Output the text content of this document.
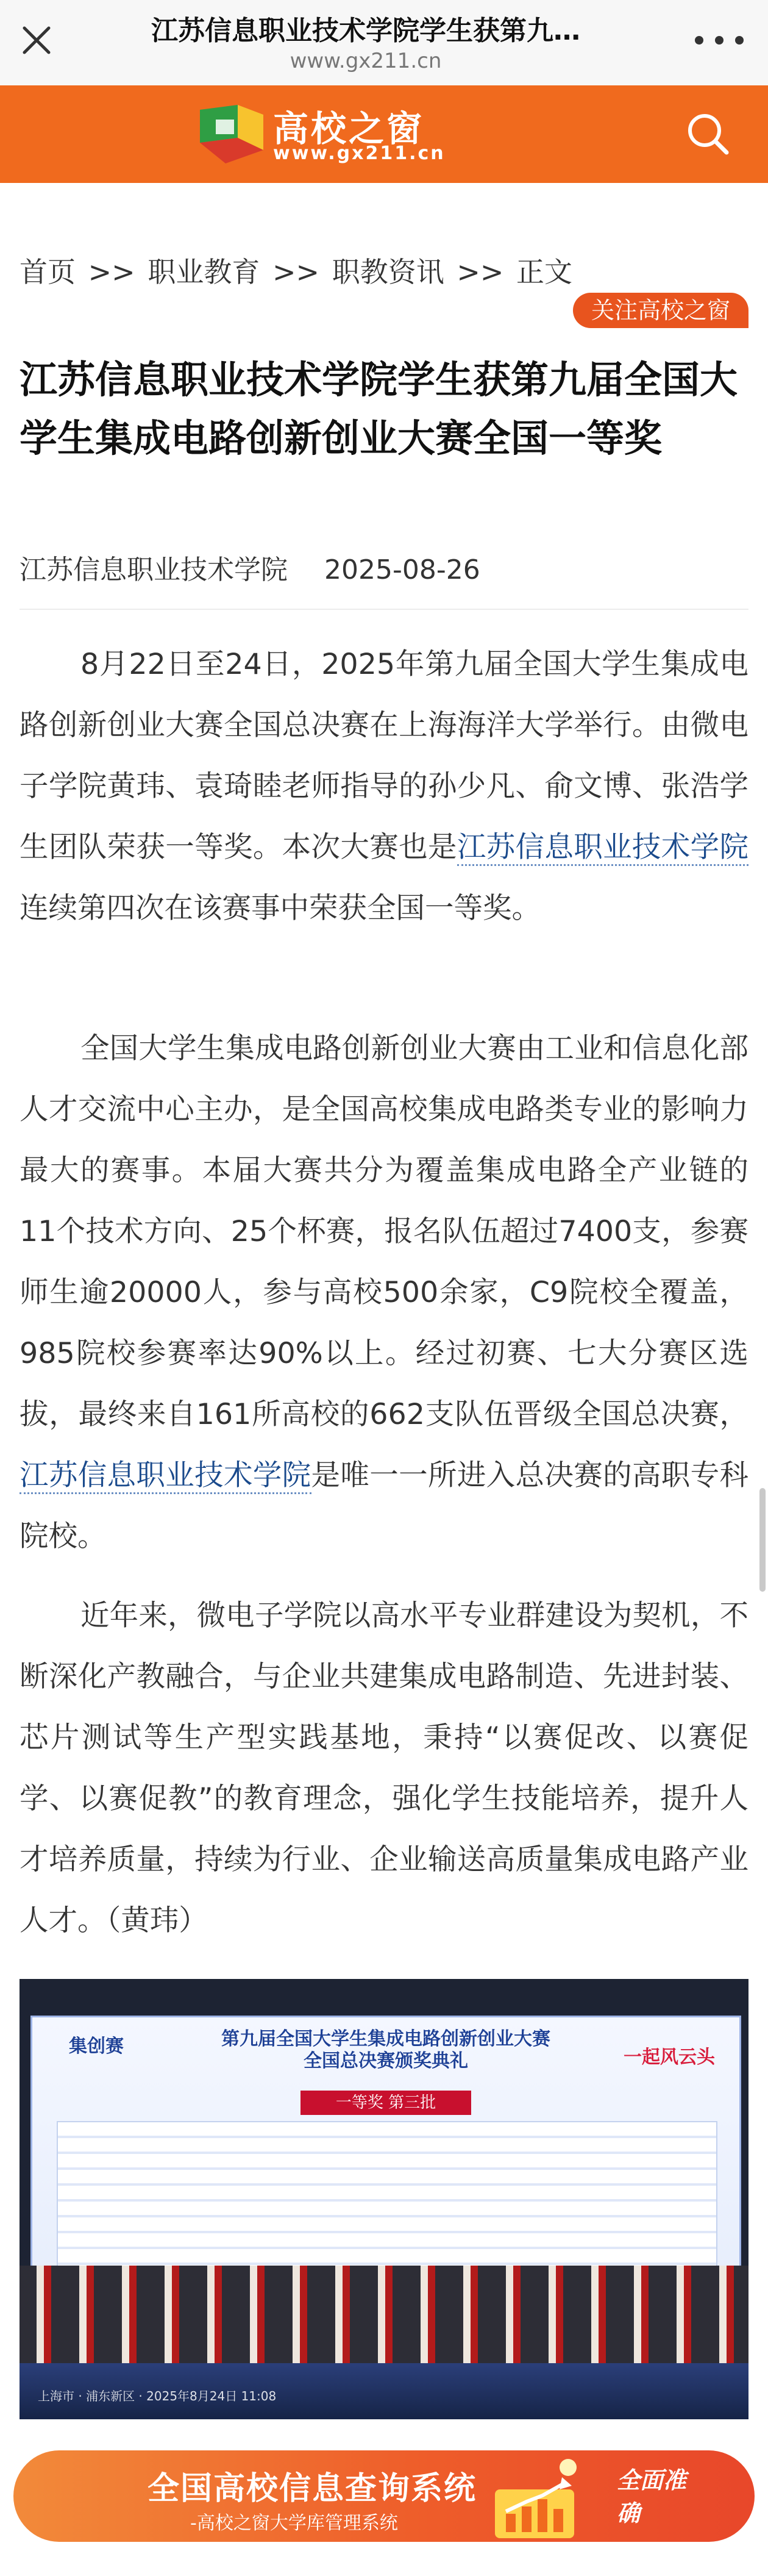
江苏信息职业技术学院学生获第九…
www.gx211.cn
高校之窗
www.gx211.cn
首页 >> 职业教育 >> 职教资讯 >> 正文
关注高校之窗
江苏信息职业技术学院学生获第九届全国大学生集成电路创新创业大赛全国一等奖
江苏信息职业技术学院 2025-08-26
8月22日至24日，2025年第九届全国大学生集成电路创新创业大赛全国总决赛在上海海洋大学举行。由微电子学院黄玮、袁琦睦老师指导的孙少凡、俞文博、张浩学生团队荣获一等奖。本次大赛也是江苏信息职业技术学院连续第四次在该赛事中荣获全国一等奖。
全国大学生集成电路创新创业大赛由工业和信息化部人才交流中心主办，是全国高校集成电路类专业的影响力最大的赛事。本届大赛共分为覆盖集成电路全产业链的11个技术方向、25个杯赛，报名队伍超过7400支，参赛师生逾20000人，参与高校500余家，C9院校全覆盖，985院校参赛率达90%以上。经过初赛、七大分赛区选拔，最终来自161所高校的662支队伍晋级全国总决赛，江苏信息职业技术学院是唯一一所进入总决赛的高职专科院校。
近年来，微电子学院以高水平专业群建设为契机，不断深化产教融合，与企业共建集成电路制造、先进封装、芯片测试等生产型实践基地，秉持“以赛促改、以赛促学、以赛促教”的教育理念，强化学生技能培养，提升人才培养质量，持续为行业、企业输送高质量集成电路产业人才。（黄玮）
集创赛	第九届全国大学生集成电路创新创业大赛 全国总决赛颁奖典礼	一起风云头
一等奖 第三批
上海市 · 浦东新区 · 2025年8月24日 11:08
全国高校信息查询系统
-高校之窗大学库管理系统
全面准确
